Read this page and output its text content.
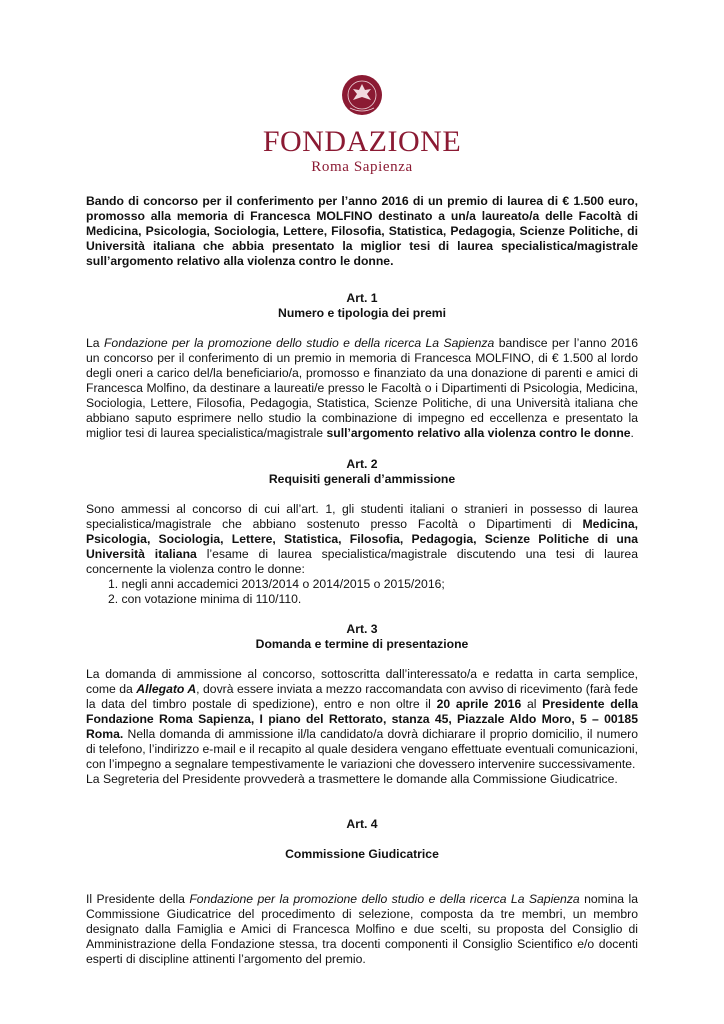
FONDAZIONE
Roma Sapienza

Bando di concorso per il conferimento per l’anno 2016 di un premio di laurea di € 1.500 euro, promosso alla memoria di Francesca MOLFINO destinato a un/a laureato/a delle Facoltà di Medicina, Psicologia, Sociologia, Lettere, Filosofia, Statistica, Pedagogia, Scienze Politiche, di Università italiana che abbia presentato la miglior tesi di laurea specialistica/magistrale sull’argomento relativo alla violenza contro le donne.

Art. 1

Numero e tipologia dei premi

La Fondazione per la promozione dello studio e della ricerca La Sapienza bandisce per l’anno 2016 un concorso per il conferimento di un premio in memoria di Francesca MOLFINO, di € 1.500 al lordo degli oneri a carico del/la beneficiario/a, promosso e finanziato da una donazione di parenti e amici di Francesca Molfino, da destinare a laureati/e presso le Facoltà o i Dipartimenti di Psicologia, Medicina, Sociologia, Lettere, Filosofia, Pedagogia, Statistica, Scienze Politiche, di una Università italiana che abbiano saputo esprimere nello studio la combinazione di impegno ed eccellenza e presentato la miglior tesi di laurea specialistica/magistrale sull’argomento relativo alla violenza contro le donne.

Art. 2

Requisiti generali d’ammissione

Sono ammessi al concorso di cui all’art. 1, gli studenti italiani o stranieri in possesso di laurea specialistica/magistrale che abbiano sostenuto presso Facoltà o Dipartimenti di Medicina, Psicologia, Sociologia, Lettere, Statistica, Filosofia, Pedagogia, Scienze Politiche di una Università italiana l’esame di laurea specialistica/magistrale discutendo una tesi di laurea concernente la violenza contro le donne:

1. negli anni accademici 2013/2014 o 2014/2015 o 2015/2016;
2. con votazione minima di 110/110.

Art. 3

Domanda e termine di presentazione

La domanda di ammissione al concorso, sottoscritta dall’interessato/a e redatta in carta semplice, come da Allegato A, dovrà essere inviata a mezzo raccomandata con avviso di ricevimento (farà fede la data del timbro postale di spedizione), entro e non oltre il 20 aprile 2016 al Presidente della Fondazione Roma Sapienza, I piano del Rettorato, stanza 45, Piazzale Aldo Moro, 5 – 00185 Roma. Nella domanda di ammissione il/la candidato/a dovrà dichiarare il proprio domicilio, il numero di telefono, l’indirizzo e-mail e il recapito al quale desidera vengano effettuate eventuali comunicazioni, con l’impegno a segnalare tempestivamente le variazioni che dovessero intervenire successivamente.

La Segreteria del Presidente provvederà a trasmettere le domande alla Commissione Giudicatrice.

Art. 4

Commissione Giudicatrice

Il Presidente della Fondazione per la promozione dello studio e della ricerca La Sapienza nomina la Commissione Giudicatrice del procedimento di selezione, composta da tre membri, un membro designato dalla Famiglia e Amici di Francesca Molfino e due scelti, su proposta del Consiglio di Amministrazione della Fondazione stessa, tra docenti componenti il Consiglio Scientifico e/o docenti esperti di discipline attinenti l’argomento del premio.
